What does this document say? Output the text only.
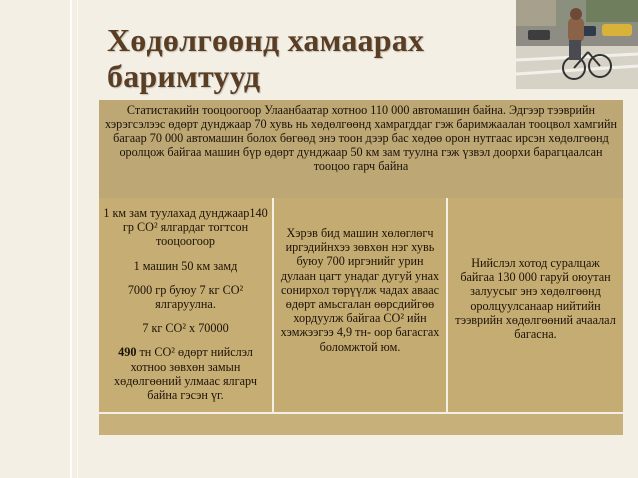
Хөдөлгөөнд хамаарах баримтууд
Статистакийн тооцоогоор Улаанбаатар хотноо 110 000 автомашин байна. Эдгээр тээврийн хэрэгсэлээс өдөрт дунджаар 70 хувь нь хөдөлгөөнд хамрагддаг гэж баримжаалан тооцвол хамгийн багаар 70 000 автомашин болох бөгөөд энэ тоон дээр бас хөдөө орон нутгаас ирсэн хөдөлгөөнд оролцож байгаа машин бүр өдөрт дунджаар 50 км зам туулна гэж үзвэл доорхи барагцаалсан тооцоо гарч байна

1 км зам туулахад дунджаар140 гр CO² ялгардаг тогтсон тооцоогоор

1 машин 50 км замд

7000 гр буюу 7 кг CO² ялгаруулна.

7 кг CO² x 70000

490 тн CO² өдөрт нийслэл хотноо зөвхөн замын хөдөлгөөний улмаас ялгарч байна гэсэн үг.

Хэрэв бид машин хөлөглөгч иргэдийнхээ зөвхөн нэг хувь буюу 700 иргэнийг урин дулаан цагт унадаг дугуй унах сонирхол төрүүлж чадах аваас өдөрт амьсгалан өөрсдийгөө хордуулж байгаа CO² ийн хэмжээгээ 4,9 тн- оор багасгах боломжтой юм.
Нийслэл хотод суралцаж байгаа 130 000 гаруй оюутан залуусыг энэ хөдөлгөөнд оролцуулсанаар нийтийн тээврийн хөдөлгөөний ачаалал багасна.
